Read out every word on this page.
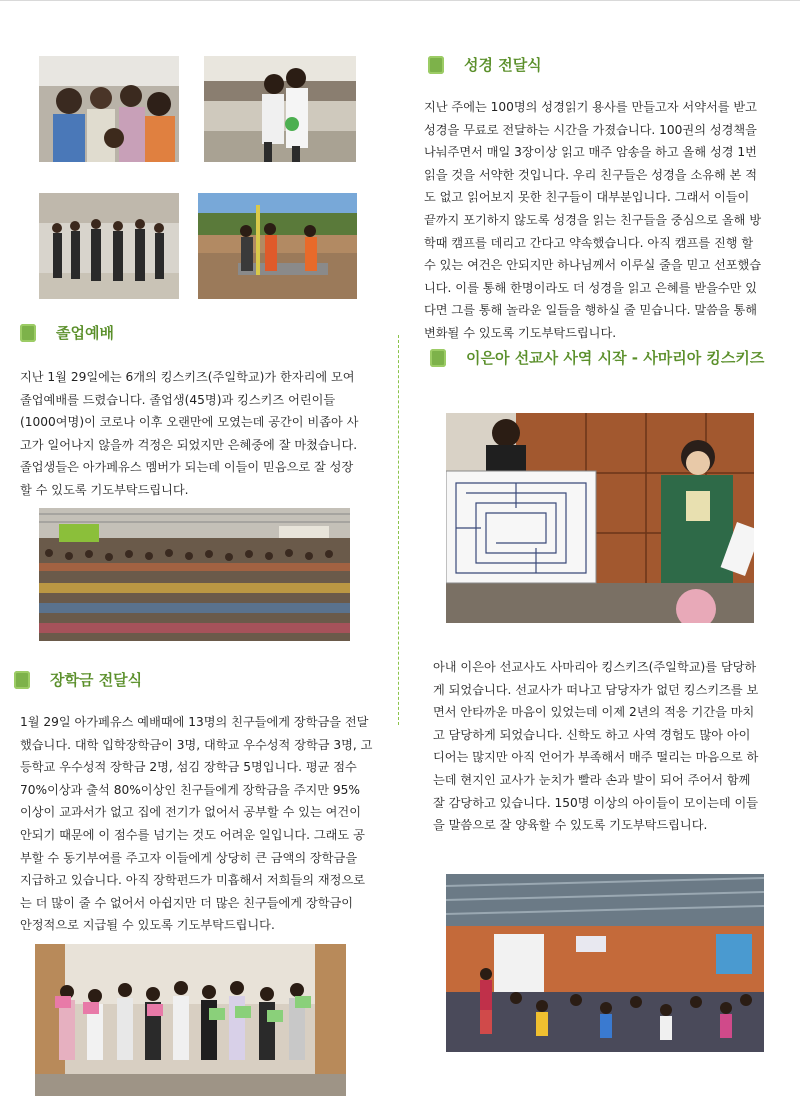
성경 전달식

지난 주에는 100명의 성경읽기 용사를 만들고자 서약서를 받고
성경을 무료로 전달하는 시간을 가졌습니다. 100권의 성경책을
나눠주면서 매일 3장이상 읽고 매주 암송을 하고 올해 성경 1번
읽을 것을 서약한 것입니다. 우리 친구들은 성경을 소유해 본 적
도 없고 읽어보지 못한 친구들이 대부분입니다. 그래서 이들이
끝까지 포기하지 않도록 성경을 읽는 친구들을 중심으로 올해 방
학때 캠프를 데리고 간다고 약속했습니다. 아직 캠프를 진행 할
수 있는 여건은 안되지만 하나님께서 이루실 줄을 믿고 선포했습
니다. 이를 통해 한명이라도 더 성경을 읽고 은혜를 받을수만 있
다면 그를 통해 놀라운 일들을 행하실 줄 믿습니다. 말씀을 통해
변화될 수 있도록 기도부탁드립니다.

졸업예배

지난 1월 29일에는 6개의 킹스키즈(주일학교)가 한자리에 모여
졸업예배를 드렸습니다. 졸업생(45명)과 킹스키즈 어린이들
(1000여명)이 코로나 이후 오랜만에 모였는데 공간이 비좁아 사
고가 일어나지 않을까 걱정은 되었지만 은혜중에 잘 마쳤습니다.
졸업생들은 아가페유스 멤버가 되는데 이들이 믿음으로 잘 성장
할 수 있도록 기도부탁드립니다.

이은아 선교사 사역 시작 - 사마리아 킹스키즈

아내 이은아 선교사도 사마리아 킹스키즈(주일학교)를 담당하
게 되었습니다. 선교사가 떠나고 담당자가 없던 킹스키즈를 보
면서 안타까운 마음이 있었는데 이제 2년의 적응 기간을 마치
고 담당하게 되었습니다. 신학도 하고 사역 경험도 많아 아이
디어는 많지만 아직 언어가 부족해서 매주 떨리는 마음으로 하
는데 현지인 교사가 눈치가 빨라 손과 발이 되어 주어서 함께
잘 감당하고 있습니다. 150명 이상의 아이들이 모이는데 이들
을 말씀으로 잘 양육할 수 있도록 기도부탁드립니다.

장학금 전달식

1월 29일 아가페유스 예배때에 13명의 친구들에게 장학금을 전달
했습니다. 대학 입학장학금이 3명, 대학교 우수성적 장학금 3명, 고
등학교 우수성적 장학금 2명, 섬김 장학금 5명입니다. 평균 점수
70%이상과 출석 80%이상인 친구들에게 장학금을 주지만 95%
이상이 교과서가 없고 집에 전기가 없어서 공부할 수 있는 여건이
안되기 때문에 이 점수를 넘기는 것도 어려운 일입니다. 그래도 공
부할 수 동기부여를 주고자 이들에게 상당히 큰 금액의 장학금을
지급하고 있습니다. 아직 장학펀드가 미흡해서 저희들의 재정으로
는 더 많이 줄 수 없어서 아쉽지만 더 많은 친구들에게 장학금이
안정적으로 지급될 수 있도록 기도부탁드립니다.
